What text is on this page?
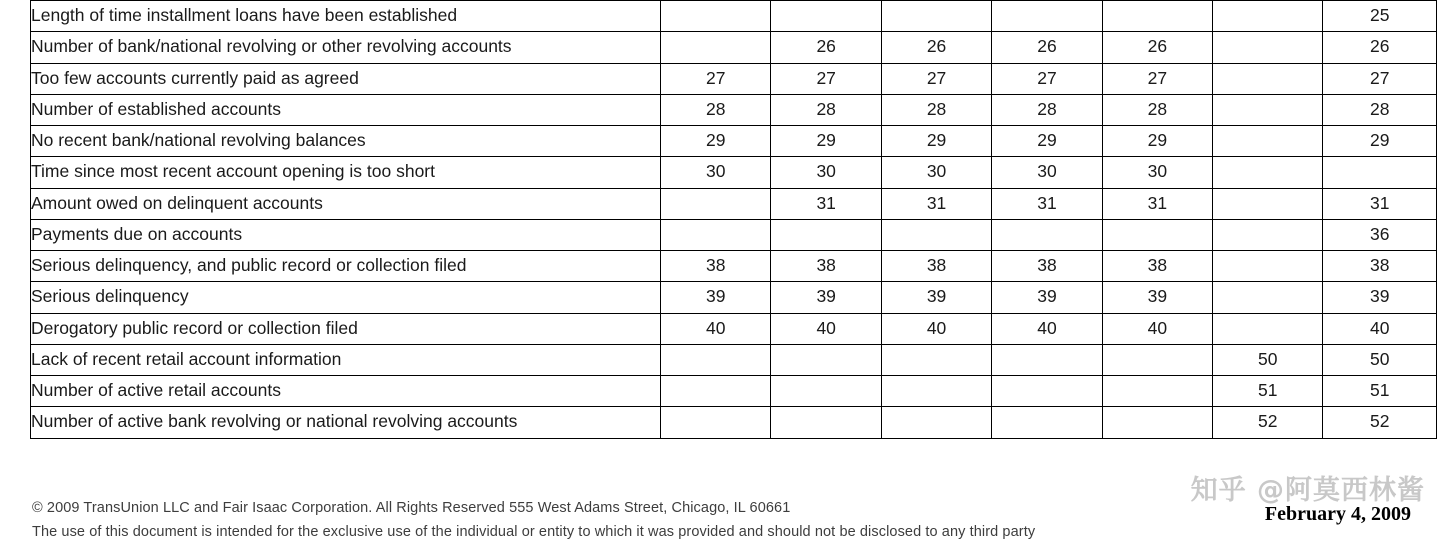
Length of time installment loans have been established							25
Number of bank/national revolving or other revolving accounts		26	26	26	26		26
Too few accounts currently paid as agreed	27	27	27	27	27		27
Number of established accounts	28	28	28	28	28		28
No recent bank/national revolving balances	29	29	29	29	29		29
Time since most recent account opening is too short	30	30	30	30	30		
Amount owed on delinquent accounts		31	31	31	31		31
Payments due on accounts							36
Serious delinquency, and public record or collection filed	38	38	38	38	38		38
Serious delinquency	39	39	39	39	39		39
Derogatory public record or collection filed	40	40	40	40	40		40
Lack of recent retail account information						50	50
Number of active retail accounts						51	51
Number of active bank revolving or national revolving accounts						52	52
知乎 @阿莫西林酱
© 2009 TransUnion LLC and Fair Isaac Corporation. All Rights Reserved 555 West Adams Street, Chicago, IL 60661
The use of this document is intended for the exclusive use of the individual or entity to which it was provided and should not be disclosed to any third party
February 4, 2009
